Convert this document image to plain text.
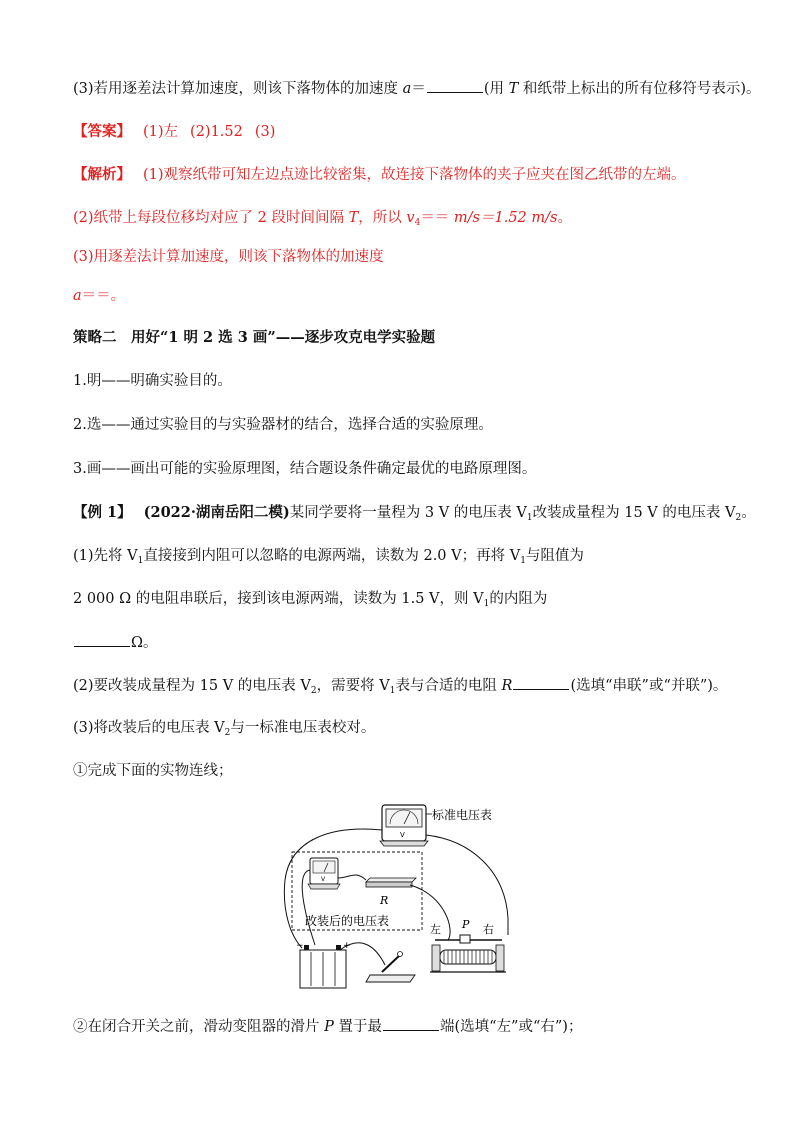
(3)若用逐差法计算加速度，则该下落物体的加速度 a＝	(用 T 和纸带上标出的所有位移符号表示)。
【答案】 (1)左 (2)1.52 (3)
【解析】 (1)观察纸带可知左边点迹比较密集，故连接下落物体的夹子应夹在图乙纸带的左端。
(2)纸带上每段位移均对应了 2 段时间间隔 T，所以 $v_4== m/s=1.52$ m/s。
(3)用逐差法计算加速度，则该下落物体的加速度
a＝＝。
策略二　用好“1 明 2 选 3 画”——逐步攻克电学实验题
1.明——明确实验目的。
2.选——通过实验目的与实验器材的结合，选择合适的实验原理。
3.画——画出可能的实验原理图，结合题设条件确定最优的电路原理图。
【例 1】 (2022·湖南岳阳二模)某同学要将一量程为 3 V 的电压表 $V_1$改装成量程为 15 V 的电压表 $V_2$。
(1)先将 $V_1$直接接到内阻可以忽略的电源两端，读数为 2.0 V；再将 $V_1$与阻值为
2 000 Ω 的电阻串联后，接到该电源两端，读数为 1.5 V，则 $V_1$的内阻为
Ω。
(2)要改装成量程为 15 V 的电压表 $V_2$，需要将 $V_1$表与合适的电阻 R	(选填“串联”或“并联”)。
(3)将改装后的电压表 $V_2$与一标准电压表校对。
①完成下面的实物连线；
V
标准电压表
V
R
改装后的电压表
−	+
左 P 右
②在闭合开关之前，滑动变阻器的滑片 P 置于最	端(选填“左”或“右”)；
